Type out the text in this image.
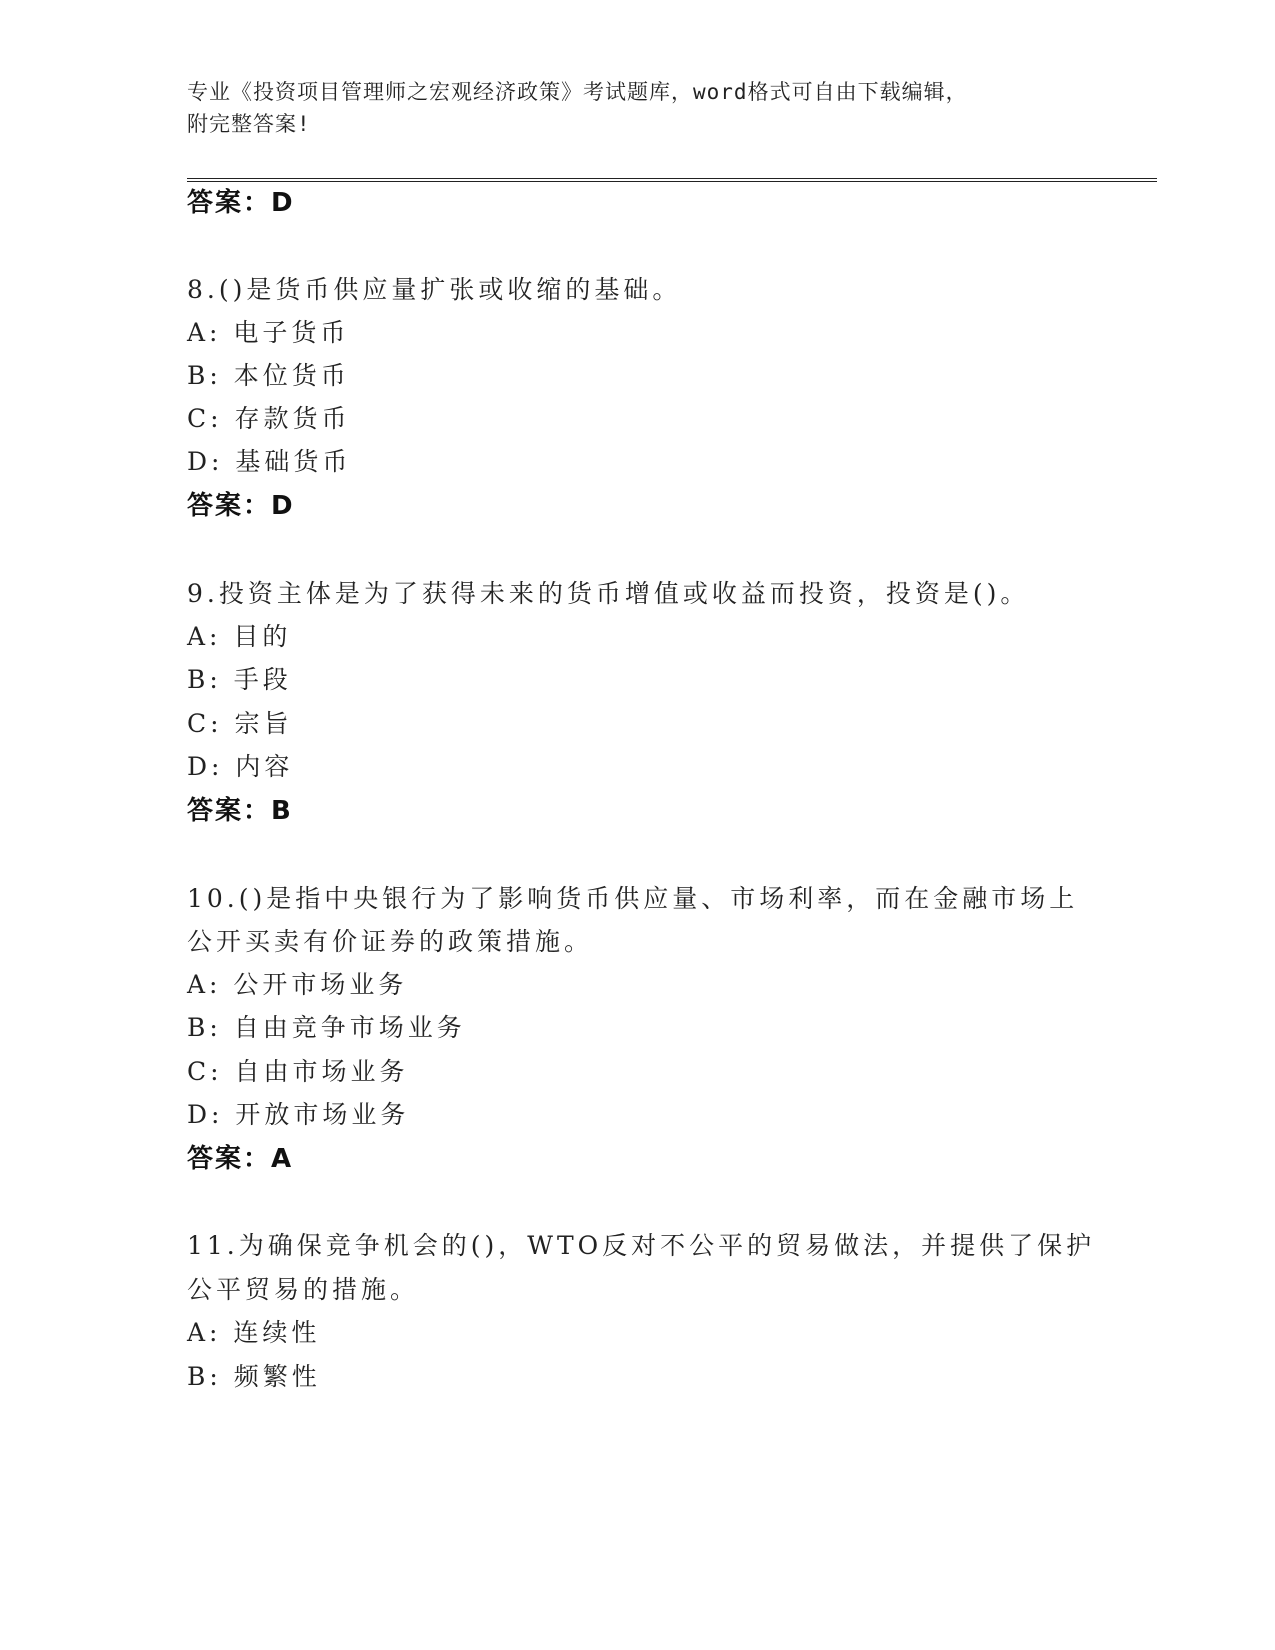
专业《投资项目管理师之宏观经济政策》考试题库，word格式可自由下载编辑，
附完整答案!
答案：D
8.()是货币供应量扩张或收缩的基础。
A: 电子货币
B: 本位货币
C: 存款货币
D: 基础货币
答案：D
9.投资主体是为了获得未来的货币增值或收益而投资，投资是()。
A: 目的
B: 手段
C: 宗旨
D: 内容
答案：B
10.()是指中央银行为了影响货币供应量、市场利率，而在金融市场上
公开买卖有价证券的政策措施。
A: 公开市场业务
B: 自由竞争市场业务
C: 自由市场业务
D: 开放市场业务
答案：A
11.为确保竞争机会的()，WTO反对不公平的贸易做法，并提供了保护
公平贸易的措施。
A: 连续性
B: 频繁性
